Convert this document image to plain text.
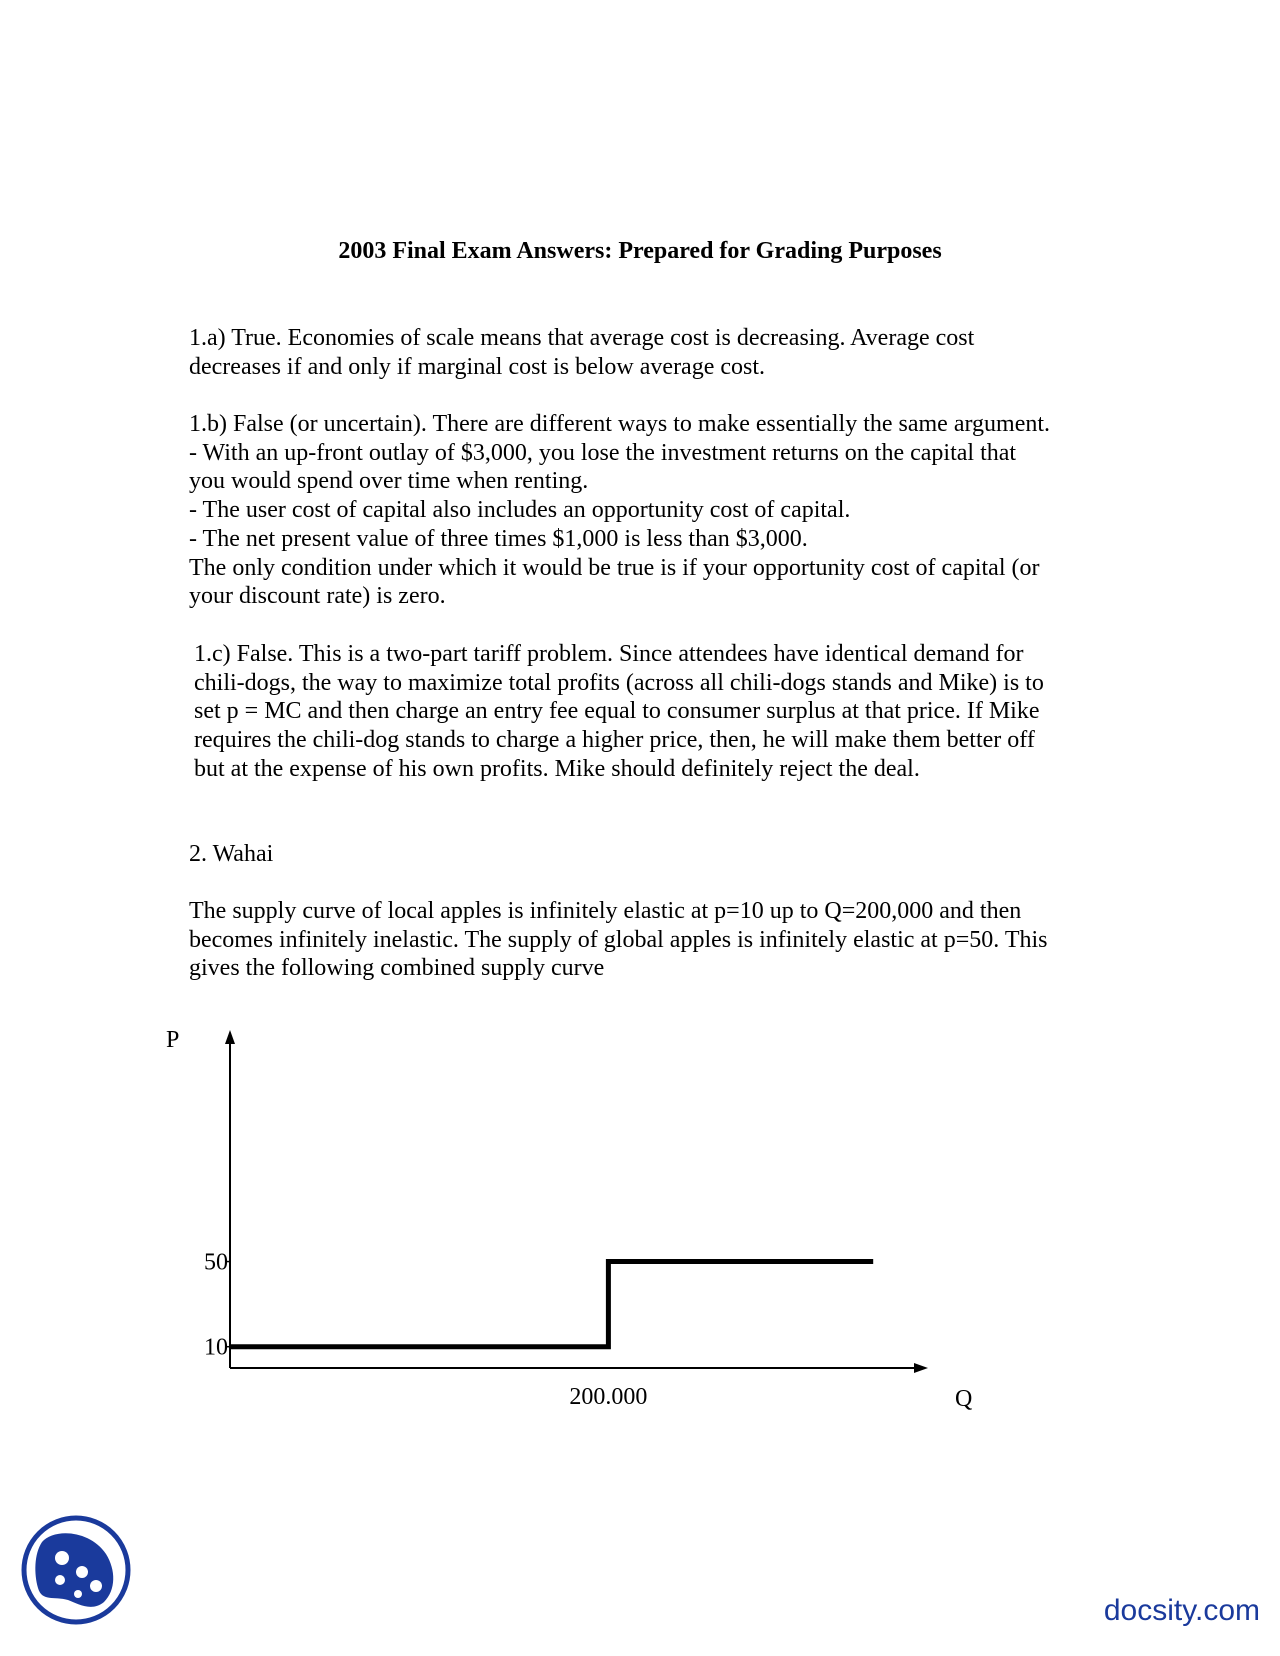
2003 Final Exam Answers: Prepared for Grading Purposes
1.a) True. Economies of scale means that average cost is decreasing. Average cost
decreases if and only if marginal cost is below average cost.
1.b) False (or uncertain). There are different ways to make essentially the same argument.
- With an up-front outlay of $3,000, you lose the investment returns on the capital that
you would spend over time when renting.
- The user cost of capital also includes an opportunity cost of capital.
- The net present value of three times $1,000 is less than $3,000.
The only condition under which it would be true is if your opportunity cost of capital (or
your discount rate) is zero.
1.c) False. This is a two-part tariff problem. Since attendees have identical demand for
chili-dogs, the way to maximize total profits (across all chili-dogs stands and Mike) is to
set p = MC and then charge an entry fee equal to consumer surplus at that price. If Mike
requires the chili-dog stands to charge a higher price, then, he will make them better off
but at the expense of his own profits. Mike should definitely reject the deal.
2. Wahai
The supply curve of local apples is infinitely elastic at p=10 up to Q=200,000 and then
becomes infinitely inelastic. The supply of global apples is infinitely elastic at p=50. This
gives the following combined supply curve
P
Q
50
10
200.000
docsity.com
